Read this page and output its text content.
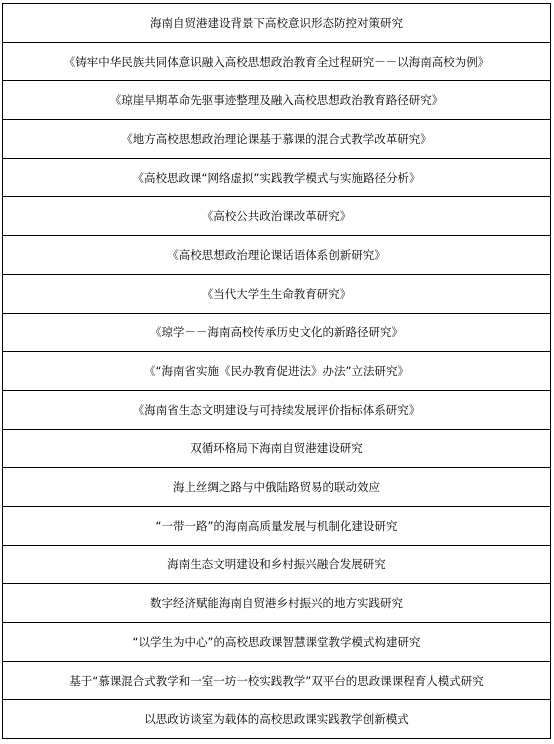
海南自贸港建设背景下高校意识形态防控对策研究
《铸牢中华民族共同体意识融入高校思想政治教育全过程研究－－以海南高校为例》
《琼崖早期革命先驱事迹整理及融入高校思想政治教育路径研究》
《地方高校思想政治理论课基于慕课的混合式教学改革研究》
《高校思政课“网络虚拟”实践教学模式与实施路径分析》
《高校公共政治课改革研究》
《高校思想政治理论课话语体系创新研究》
《当代大学生生命教育研究》
《琼学－－海南高校传承历史文化的新路径研究》
《“海南省实施《民办教育促进法》办法”立法研究》
《海南省生态文明建设与可持续发展评价指标体系研究》
双循环格局下海南自贸港建设研究
海上丝绸之路与中俄陆路贸易的联动效应
“一带一路”的海南高质量发展与机制化建设研究
海南生态文明建设和乡村振兴融合发展研究
数字经济赋能海南自贸港乡村振兴的地方实践研究
“以学生为中心”的高校思政课智慧课堂教学模式构建研究
基于“慕课混合式教学和一室一坊一校实践教学”双平台的思政课课程育人模式研究
以思政访谈室为载体的高校思政课实践教学创新模式
